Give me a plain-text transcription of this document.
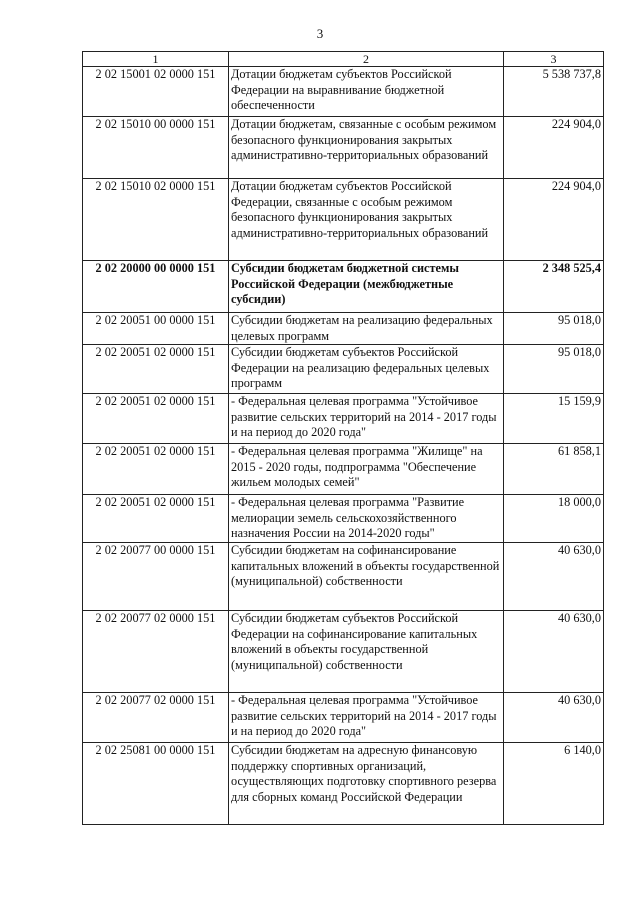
3
1	2	3
2 02 15001 02 0000 151	Дотации бюджетам субъектов Российской Федерации на выравнивание бюджетной обеспеченности	5 538 737,8
2 02 15010 00 0000 151	Дотации бюджетам, связанные с особым режимом безопасного функционирования закрытых административно-территориальных образований	224 904,0
2 02 15010 02 0000 151	Дотации бюджетам субъектов Российской Федерации, связанные с особым режимом безопасного функционирования закрытых административно-территориальных образований	224 904,0
2 02 20000 00 0000 151	Субсидии бюджетам бюджетной системы Российской Федерации (межбюджетные субсидии)	2 348 525,4
2 02 20051 00 0000 151	Субсидии бюджетам на реализацию федеральных целевых программ	95 018,0
2 02 20051 02 0000 151	Субсидии бюджетам субъектов Российской Федерации на реализацию федеральных целевых программ	95 018,0
2 02 20051 02 0000 151	- Федеральная целевая программа "Устойчивое развитие сельских территорий на 2014 - 2017 годы и на период до 2020 года"	15 159,9
2 02 20051 02 0000 151	- Федеральная целевая программа "Жилище" на 2015 - 2020 годы, подпрограмма "Обеспечение жильем молодых семей"	61 858,1
2 02 20051 02 0000 151	- Федеральная целевая программа "Развитие мелиорации земель сельскохозяйственного назначения России на 2014-2020 годы"	18 000,0
2 02 20077 00 0000 151	Субсидии бюджетам на софинансирование капитальных вложений в объекты государственной (муниципальной) собственности	40 630,0
2 02 20077 02 0000 151	Субсидии бюджетам субъектов Российской Федерации на софинансирование капитальных вложений в объекты государственной (муниципальной) собственности	40 630,0
2 02 20077 02 0000 151	- Федеральная целевая программа "Устойчивое развитие сельских территорий на 2014 - 2017 годы и на период до 2020 года"	40 630,0
2 02 25081 00 0000 151	Субсидии бюджетам на адресную финансовую поддержку спортивных организаций, осуществляющих подготовку спортивного резерва для сборных команд Российской Федерации	6 140,0
